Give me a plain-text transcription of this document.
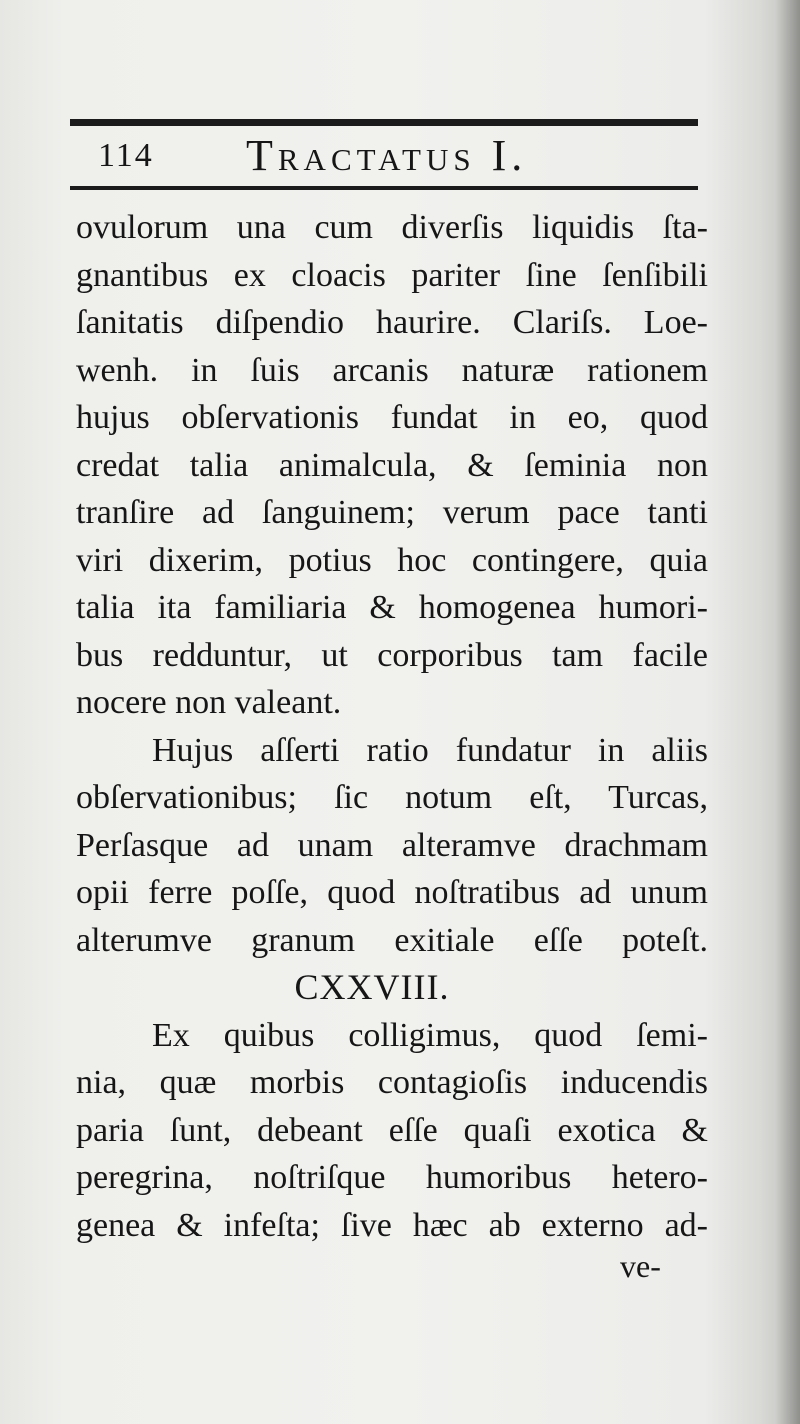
114 Tractatus I.
ovulorum una cum diverſis liquidis ſta-
gnantibus ex cloacis pariter ſine ſenſibili
ſanitatis diſpendio haurire. Clariſs. Loe-
wenh. in ſuis arcanis naturæ rationem
hujus obſervationis fundat in eo, quod
credat talia animalcula, & ſeminia non
tranſire ad ſanguinem; verum pace tanti
viri dixerim, potius hoc contingere, quia
talia ita familiaria & homogenea humori-
bus redduntur, ut corporibus tam facile
nocere non valeant.
Hujus aſſerti ratio fundatur in aliis
obſervationibus; ſic notum eſt, Turcas,
Perſasque ad unam alteramve drachmam
opii ferre poſſe, quod noſtratibus ad unum
alterumve granum exitiale eſſe poteſt.
CXXVIII.
Ex quibus colligimus, quod ſemi-
nia, quæ morbis contagioſis inducendis
paria ſunt, debeant eſſe quaſi exotica &
peregrina, noſtriſque humoribus hetero-
genea & infeſta; ſive hæc ab externo ad-
ve-
